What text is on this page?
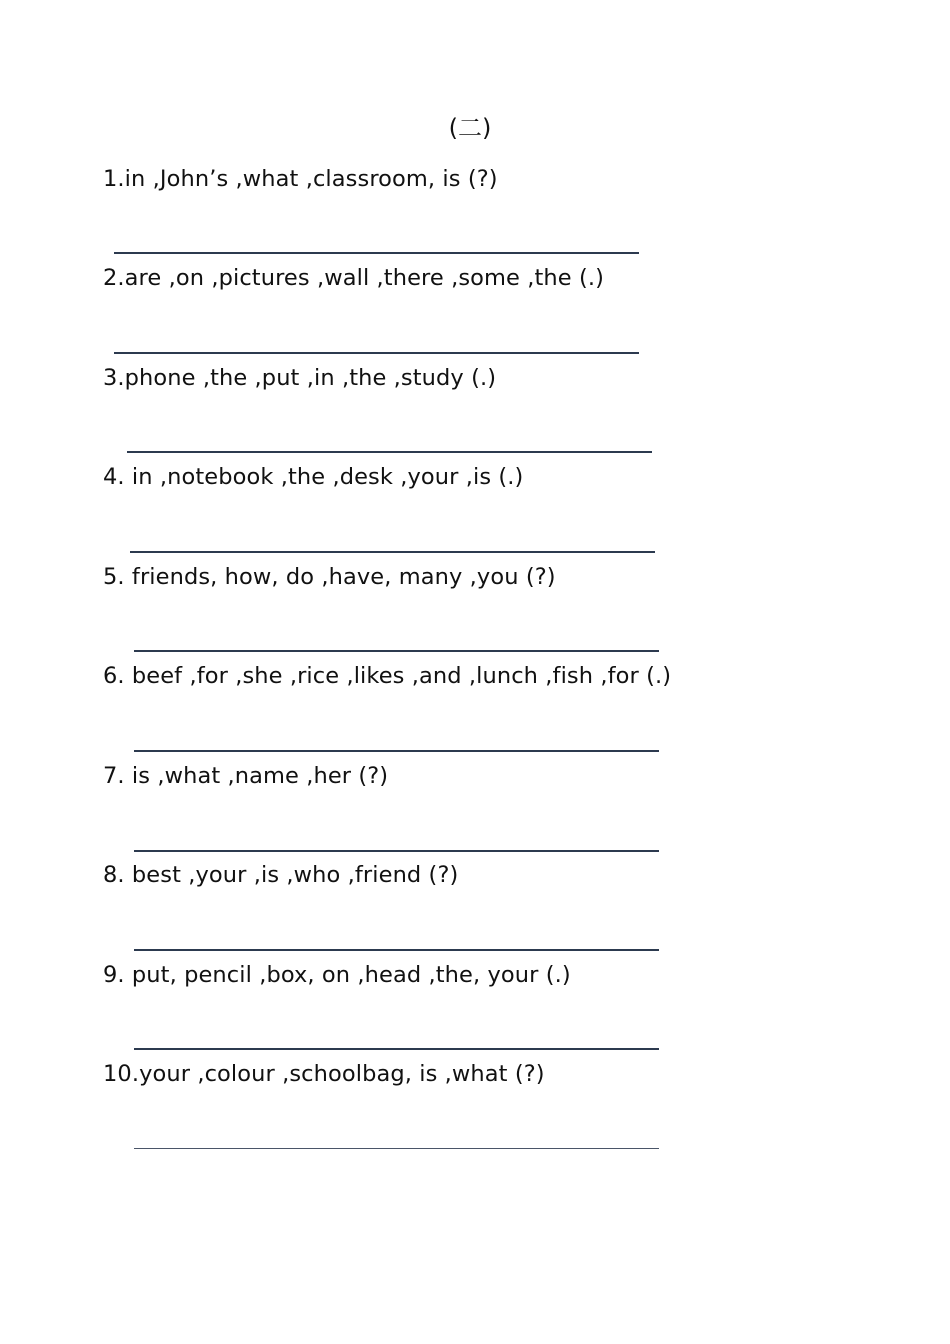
(二)
1.in ,John’s ,what ,classroom, is (?)
2.are ,on ,pictures ,wall ,there ,some ,the (.)
3.phone ,the ,put ,in ,the ,study (.)
4. in ,notebook ,the ,desk ,your ,is (.)
5. friends, how, do ,have, many ,you (?)
6. beef ,for ,she ,rice ,likes ,and ,lunch ,fish ,for (.)
7. is ,what ,name ,her (?)
8. best ,your ,is ,who ,friend (?)
9. put, pencil ,box, on ,head ,the, your (.)
10.your ,colour ,schoolbag, is ,what (?)
